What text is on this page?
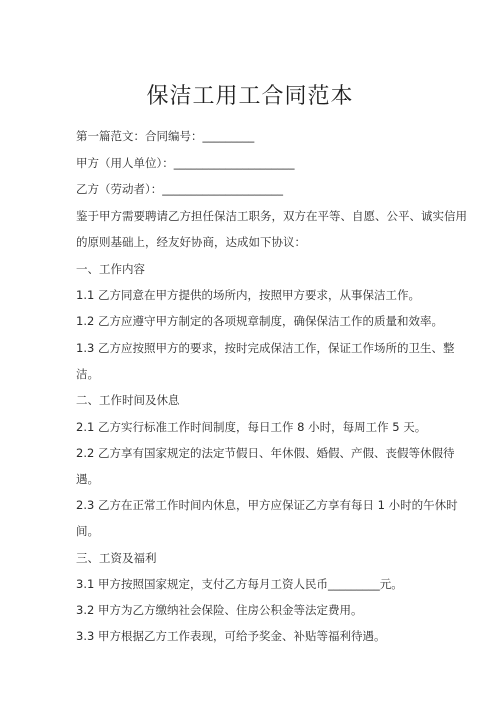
保洁工用工合同范本
第一篇范文：合同编号：_________
甲方（用人单位）：_____________________
乙方（劳动者）：_____________________
鉴于甲方需要聘请乙方担任保洁工职务，双方在平等、自愿、公平、诚实信用
的原则基础上，经友好协商，达成如下协议：
一、工作内容
1.1 乙方同意在甲方提供的场所内，按照甲方要求，从事保洁工作。
1.2 乙方应遵守甲方制定的各项规章制度，确保保洁工作的质量和效率。
1.3 乙方应按照甲方的要求，按时完成保洁工作，保证工作场所的卫生、整
洁。
二、工作时间及休息
2.1 乙方实行标准工作时间制度，每日工作 8 小时，每周工作 5 天。
2.2 乙方享有国家规定的法定节假日、年休假、婚假、产假、丧假等休假待
遇。
2.3 乙方在正常工作时间内休息，甲方应保证乙方享有每日 1 小时的午休时
间。
三、工资及福利
3.1 甲方按照国家规定，支付乙方每月工资人民币_________元。
3.2 甲方为乙方缴纳社会保险、住房公积金等法定费用。
3.3 甲方根据乙方工作表现，可给予奖金、补贴等福利待遇。
